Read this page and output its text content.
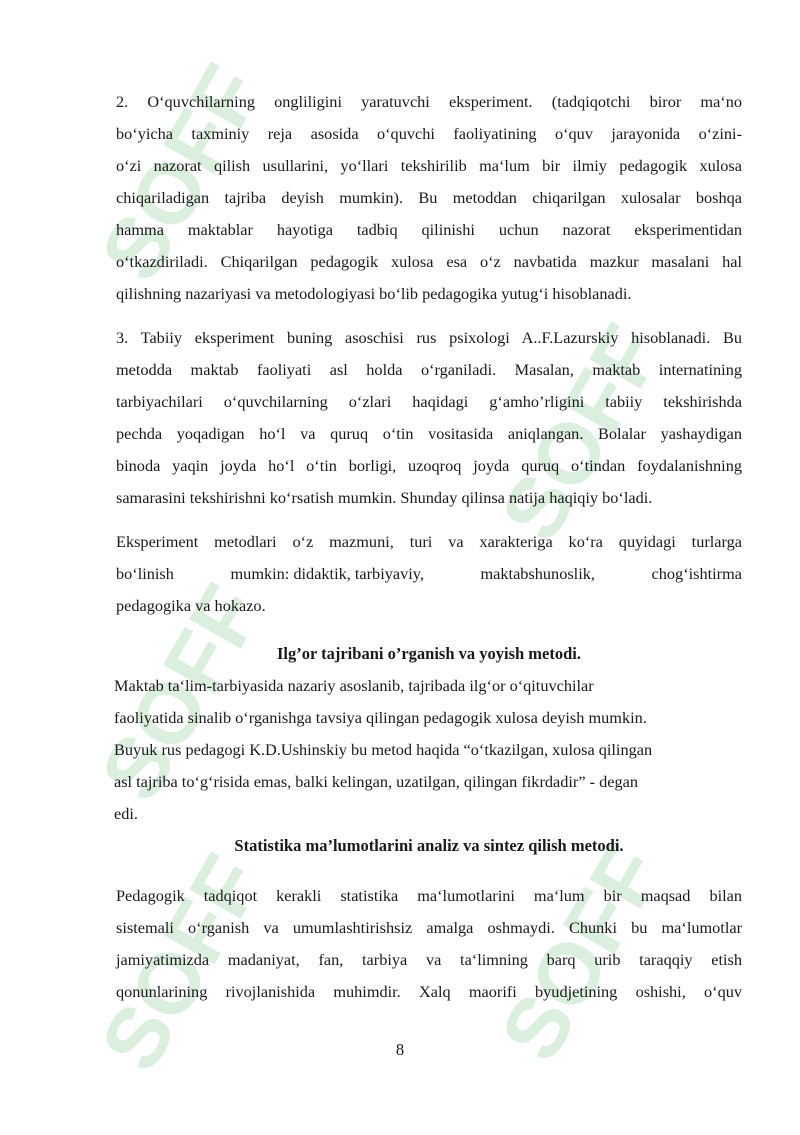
SOFF
SOFF
SOFF
SOFF
SOFF

2. O‘quvchilarning ongliligini yaratuvchi eksperiment. (tadqiqotchi biror ma‘no

bo‘yicha taxminiy reja asosida o‘quvchi faoliyatining o‘quv jarayonida o‘zini-

o‘zi nazorat qilish usullarini, yo‘llari tekshirilib ma‘lum bir ilmiy pedagogik xulosa

chiqariladigan tajriba deyish mumkin). Bu metoddan chiqarilgan xulosalar boshqa

hamma maktablar hayotiga tadbiq qilinishi uchun nazorat eksperimentidan

o‘tkazdiriladi. Chiqarilgan pedagogik xulosa esa o‘z navbatida mazkur masalani hal

qilishning nazariyasi va metodologiyasi bo‘lib pedagogika yutug‘i hisoblanadi.

3. Tabiiy eksperiment buning asoschisi rus psixologi A..F.Lazurskiy hisoblanadi. Bu

metodda maktab faoliyati asl holda o‘rganiladi. Masalan, maktab internatining

tarbiyachilari o‘quvchilarning o‘zlari haqidagi g‘amho’rligini tabiiy tekshirishda

pechda yoqadigan ho‘l va quruq o‘tin vositasida aniqlangan. Bolalar yashaydigan

binoda yaqin joyda ho‘l o‘tin borligi, uzoqroq joyda quruq o‘tindan foydalanishning

samarasini tekshirishni ko‘rsatish mumkin. Shunday qilinsa natija haqiqiy bo‘ladi.

Eksperiment metodlari o‘z mazmuni, turi va xarakteriga ko‘ra quyidagi turlarga

bo‘linish	mumkin: didaktik, tarbiyaviy,	maktabshunoslik,	chog‘ishtirma

pedagogika va hokazo.

Ilg’or tajribani o’rganish va yoyish metodi.

Maktab ta‘lim-tarbiyasida nazariy asoslanib, tajribada ilg‘or o‘qituvchilar

faoliyatida sinalib o‘rganishga tavsiya qilingan pedagogik xulosa deyish mumkin.

Buyuk rus pedagogi K.D.Ushinskiy bu metod haqida “o‘tkazilgan, xulosa qilingan

asl tajriba to‘g‘risida emas, balki kelingan, uzatilgan, qilingan fikrdadir” - degan

edi.

Statistika ma’lumotlarini analiz va sintez qilish metodi.

Pedagogik tadqiqot kerakli statistika ma‘lumotlarini ma‘lum bir maqsad bilan

sistemali o‘rganish va umumlashtirishsiz amalga oshmaydi. Chunki bu ma‘lumotlar

jamiyatimizda madaniyat, fan, tarbiya va ta‘limning barq urib taraqqiy etish

qonunlarining rivojlanishida muhimdir. Xalq maorifi byudjetining oshishi, o‘quv

8
